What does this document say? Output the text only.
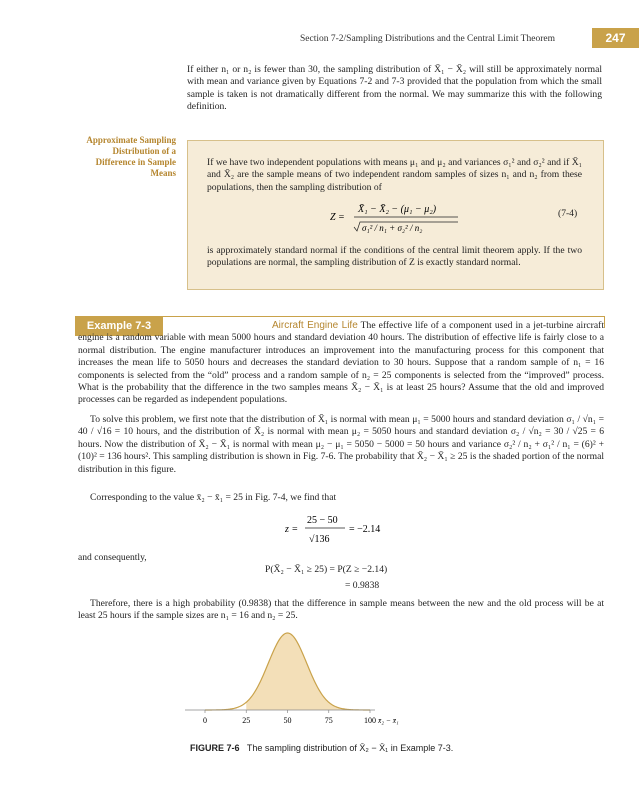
Section 7-2/Sampling Distributions and the Central Limit Theorem	247
If either n₁ or n₂ is fewer than 30, the sampling distribution of X̄₁ − X̄₂ will still be approximately normal with mean and variance given by Equations 7-2 and 7-3 provided that the population from which the small sample is taken is not dramatically different from the normal. We may summarize this with the following definition.
Approximate Sampling Distribution of a Difference in Sample Means
If we have two independent populations with means μ₁ and μ₂ and variances σ₁² and σ₂² and if X̄₁ and X̄₂ are the sample means of two independent random samples of sizes n₁ and n₂ from these populations, then the sampling distribution of
Z =
X̄₁ − X̄₂ − (μ₁ − μ₂)
σ₁² / n₁ + σ₂² / n₂
(7-4)
is approximately standard normal if the conditions of the central limit theorem apply. If the two populations are normal, the sampling distribution of Z is exactly standard normal.
Example 7-3	Aircraft Engine Life The effective life of a component used in a jet-turbine aircraft engine is a random variable with mean 5000 hours and standard deviation 40 hours. The distribution of effective life is fairly close to a normal distribution. The engine manufacturer introduces an improvement into the manufacturing process for this component that increases the mean life to 5050 hours and decreases the standard deviation to 30 hours. Suppose that a random sample of n₁ = 16 components is selected from the “old” process and a random sample of n₂ = 25 components is selected from the “improved” process. What is the probability that the difference in the two samples means X̄₂ − X̄₁ is at least 25 hours? Assume that the old and improved processes can be regarded as independent populations.
To solve this problem, we first note that the distribution of X̄₁ is normal with mean μ₁ = 5000 hours and standard deviation σ₁ / √n₁ = 40 / √16 = 10 hours, and the distribution of X̄₂ is normal with mean μ₂ = 5050 hours and standard deviation σ₂ / √n₂ = 30 / √25 = 6 hours. Now the distribution of X̄₂ − X̄₁ is normal with mean μ₂ − μ₁ = 5050 − 5000 = 50 hours and variance σ₂² / n₂ + σ₁² / n₁ = (6)² + (10)² = 136 hours². This sampling distribution is shown in Fig. 7-6. The probability that X̄₂ − X̄₁ ≥ 25 is the shaded portion of the normal distribution in this figure.
Corresponding to the value x̄₂ − x̄₁ = 25 in Fig. 7-4, we find that
z =
25 − 50
√136
= −2.14
and consequently,
P(X̄₂ − X̄₁ ≥ 25) = P(Z ≥ −2.14)
= 0.9838
Therefore, there is a high probability (0.9838) that the difference in sample means between the new and the old process will be at least 25 hours if the sample sizes are n₁ = 16 and n₂ = 25.
0	25	50	75	100 x̄₂ − x̄₁
FIGURE 7-6 The sampling distribution of X̄₂ − X̄₁ in Example 7-3.
